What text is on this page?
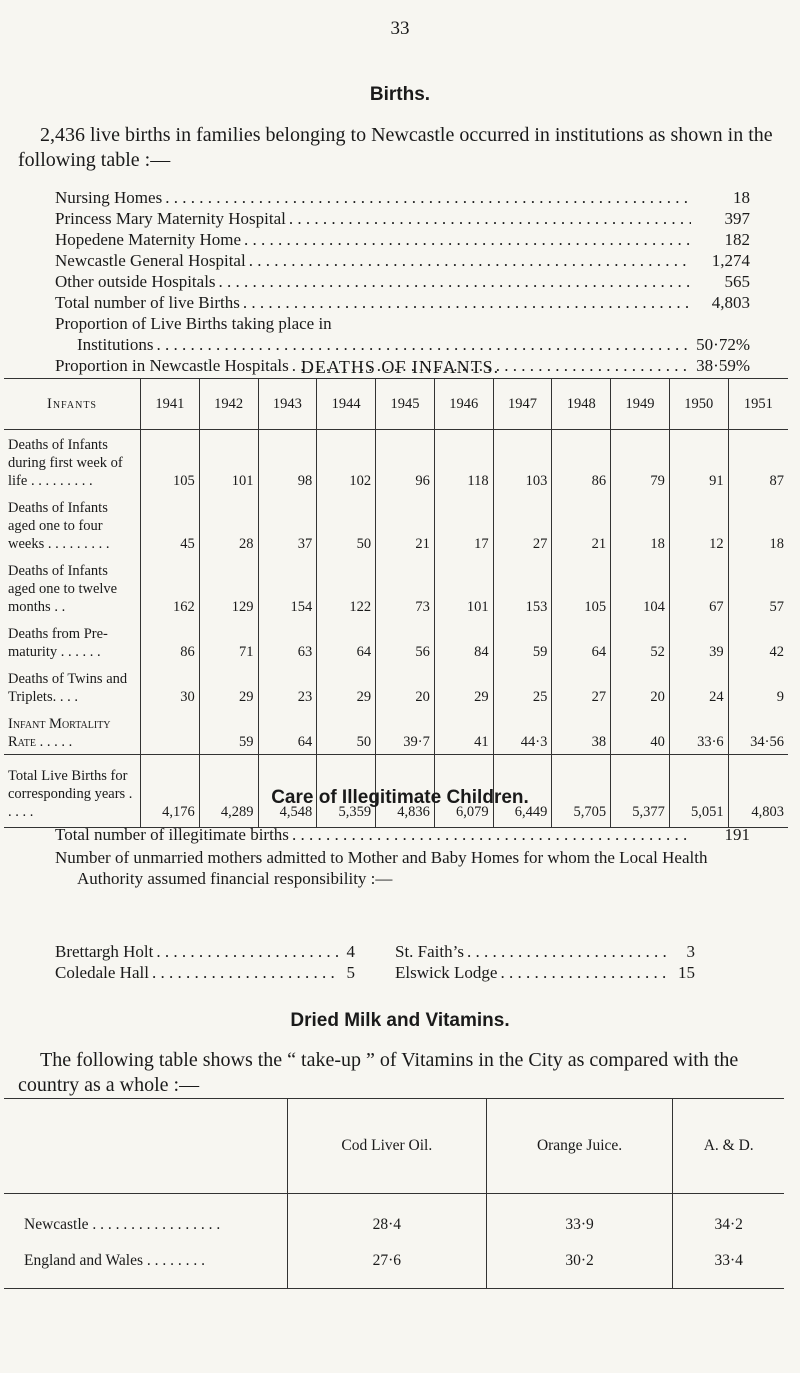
33
Births.
2,436 live births in families belonging to Newcastle occurred in institutions as shown in the following table :—
Nursing Homes . . .	18
Princess Mary Maternity Hospital . . .	397
Hopedene Maternity Home . . .	182
Newcastle General Hospital . . .	1,274
Other outside Hospitals . . .	565
Total number of live Births . . .	4,803
Proportion of Live Births taking place in
Institutions . . .	50·72%
Proportion in Newcastle Hospitals . . .	38·59%
DEATHS OF INFANTS.
Infants	1941	1942	1943	1944	1945	1946	1947	1948	1949	1950	1951
Deaths of Infants during first week of life . . . . . . . . .	105	101	98	102	96	118	103	86	79	91	87
Deaths of Infants aged one to four weeks . . . . . . . . .	45	28	37	50	21	17	27	21	18	12	18
Deaths of Infants aged one to twelve months . .	162	129	154	122	73	101	153	105	104	67	57
Deaths from Pre-maturity . . . . . .	86	71	63	64	56	84	59	64	52	39	42
Deaths of Twins and Triplets. . . .	30	29	23	29	20	29	25	27	20	24	9
Infant Mortality Rate . . . . .		59	64	50	39·7	41	44·3	38	40	33·6	34·56
Total Live Births for corresponding years . . . . .	4,176	4,289	4,548	5,359	4,836	6,079	6,449	5,705	5,377	5,051	4,803
Care of Illegitimate Children.
Total number of illegitimate births . . .	191
Number of unmarried mothers admitted to Mother and Baby Homes for whom the Local Health Authority assumed financial responsibility :—
Brettargh Holt . . .	4 St. Faith’s . . .	3
Coledale Hall . . .	5 Elswick Lodge . . .	15
Dried Milk and Vitamins.
The following table shows the “ take-up ” of Vitamins in the City as compared with the country as a whole :—
	Cod Liver Oil.	Orange Juice.	A. & D.
Newcastle . . . . . . . . . . . . . . . . .	28·4	33·9	34·2
England and Wales . . . . . . . .	27·6	30·2	33·4
